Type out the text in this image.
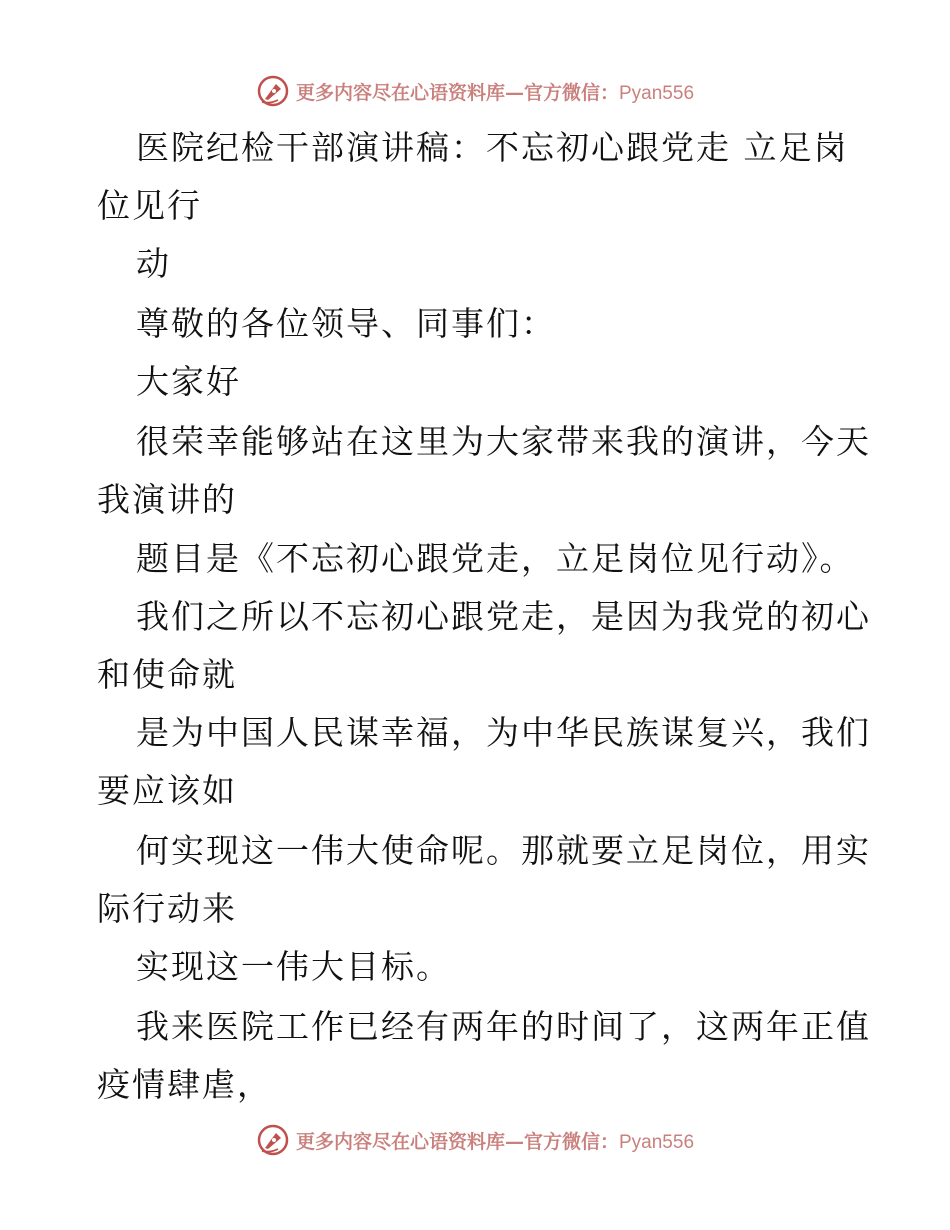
更多内容尽在心语资料库—官方微信：Pyan556
医院纪检干部演讲稿：不忘初心跟党走 立足岗
位见行
动
尊敬的各位领导、同事们：
大家好
很荣幸能够站在这里为大家带来我的演讲，今天
我演讲的
题目是《不忘初心跟党走，立足岗位见行动》。
我们之所以不忘初心跟党走，是因为我党的初心
和使命就
是为中国人民谋幸福，为中华民族谋复兴，我们
要应该如
何实现这一伟大使命呢。那就要立足岗位，用实
际行动来
实现这一伟大目标。
我来医院工作已经有两年的时间了，这两年正值
疫情肆虐，
更多内容尽在心语资料库—官方微信：Pyan556
